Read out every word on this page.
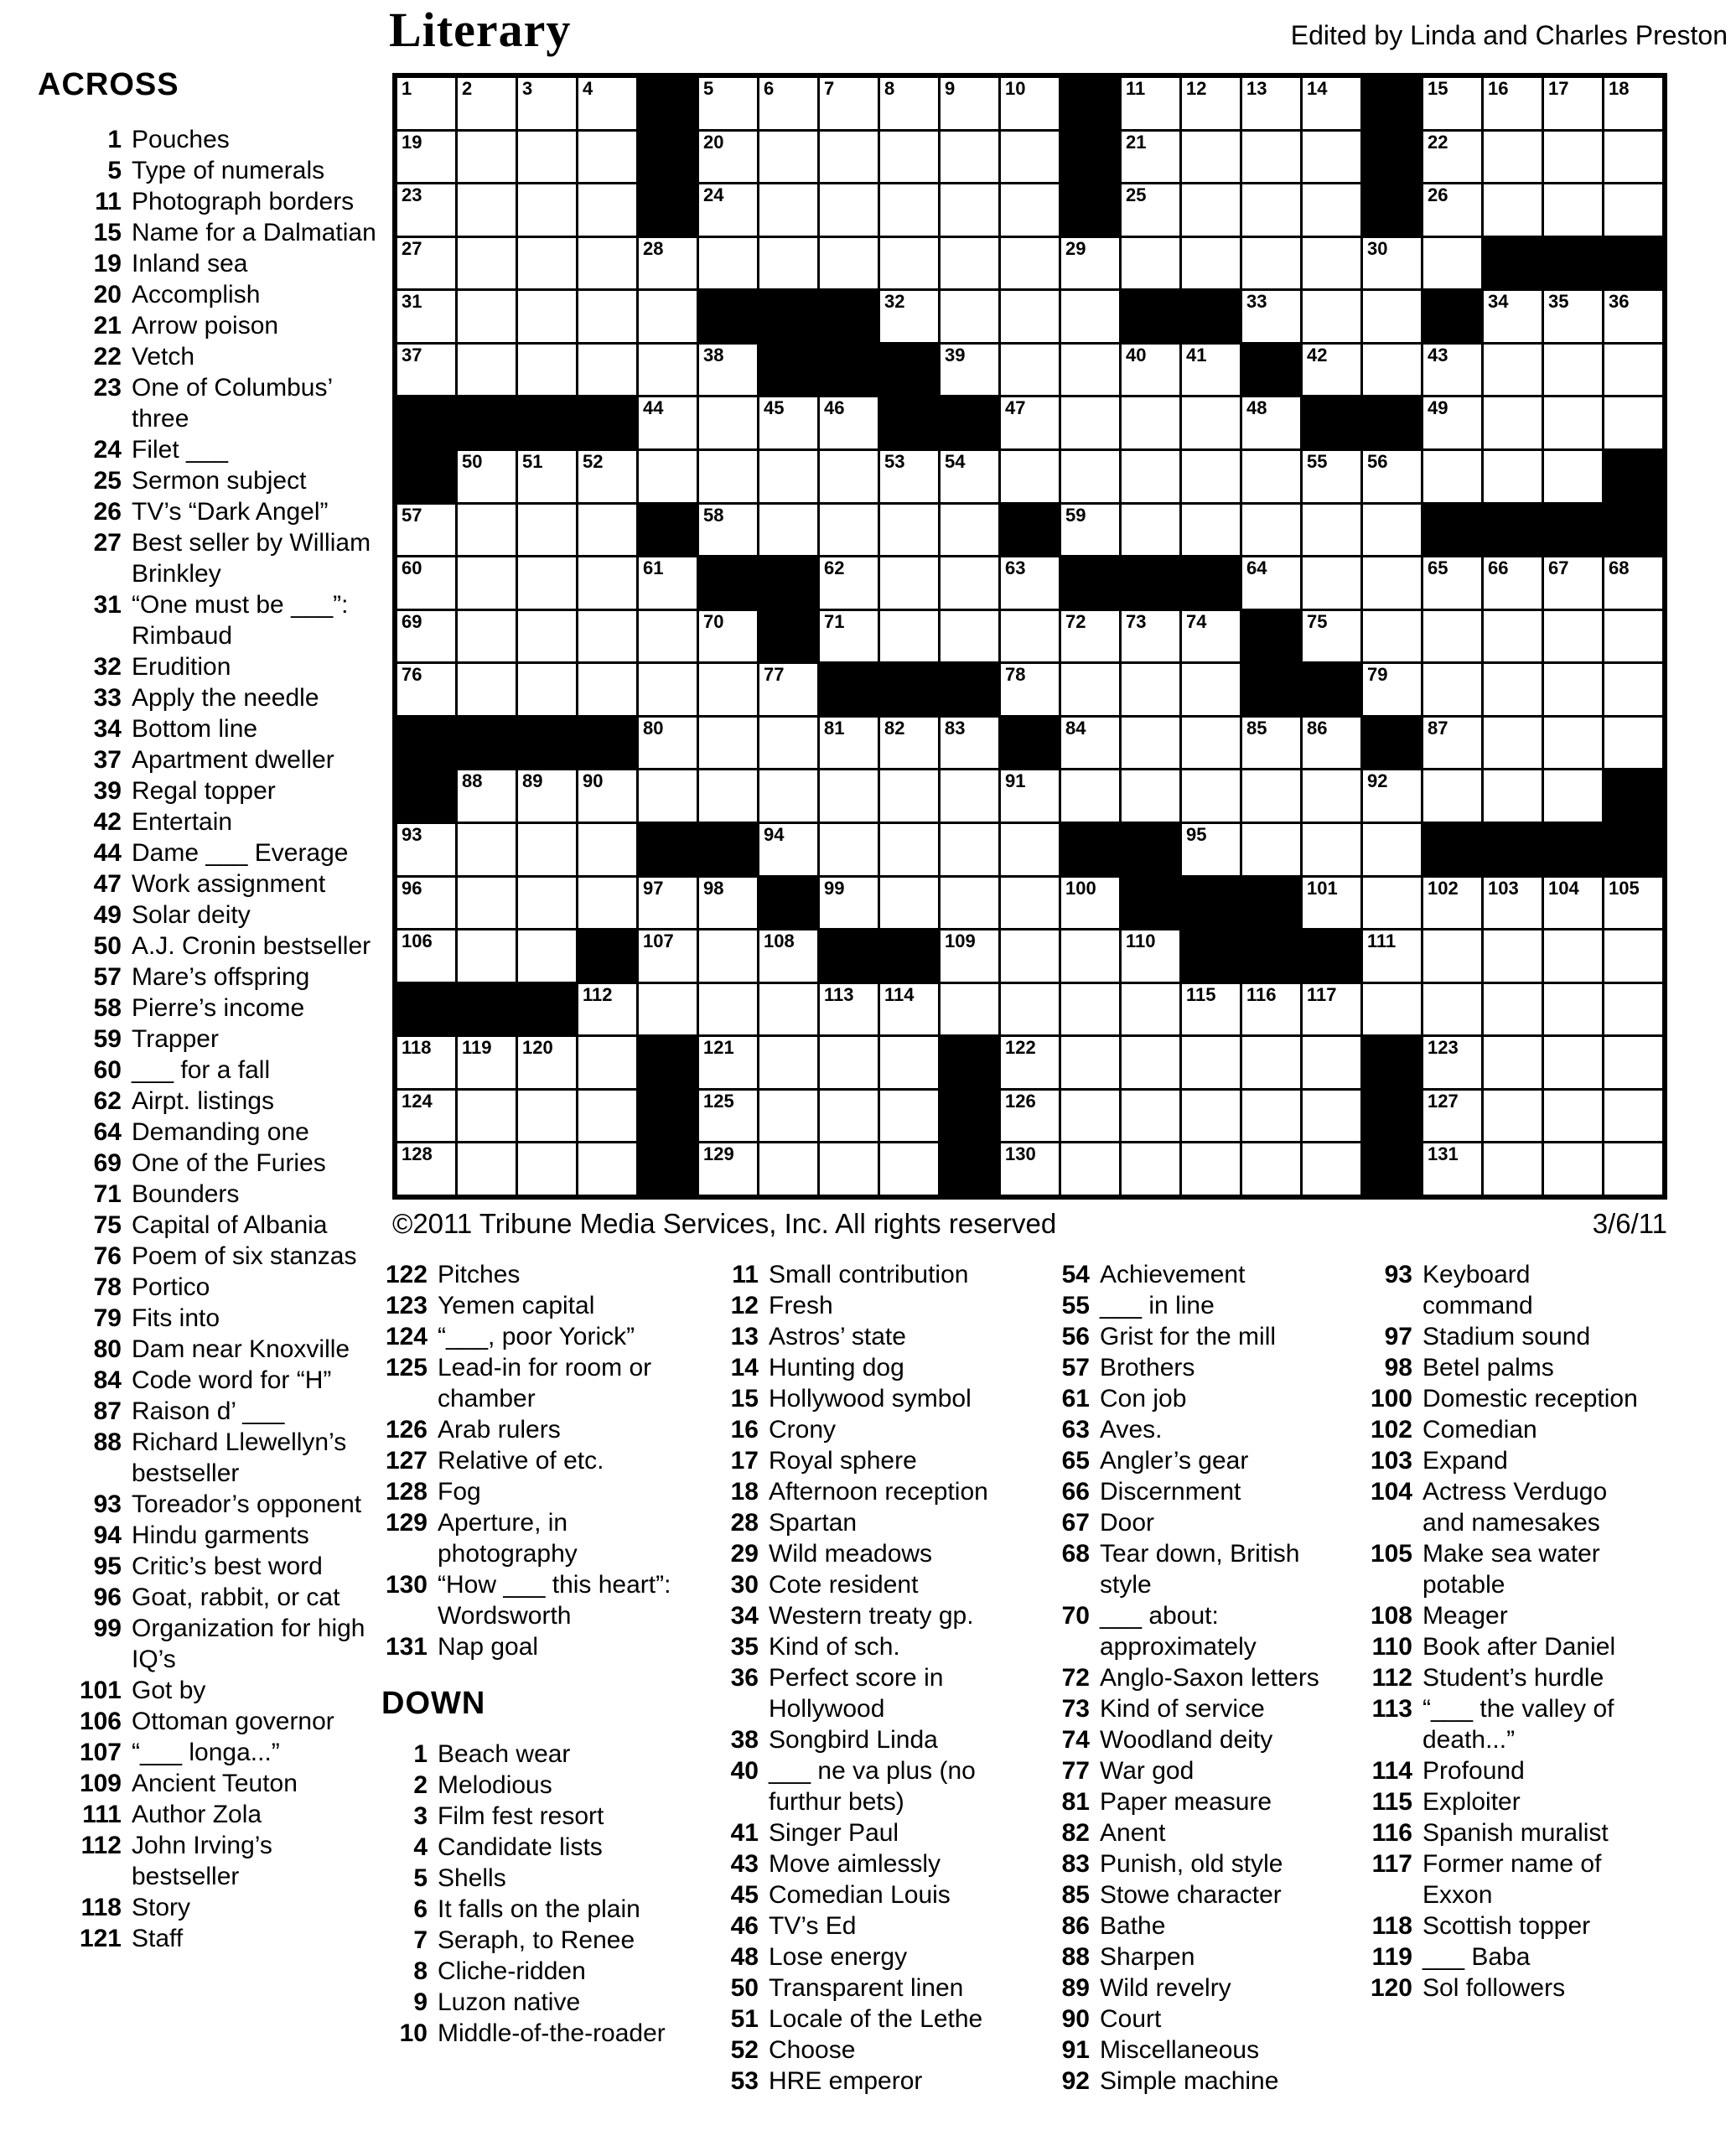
Literary	Edited by Linda and Charles Preston
ACROSS
1 Pouches
5 Type of numerals
11 Photograph borders
15 Name for a Dalmatian
19 Inland sea
20 Accomplish
21 Arrow poison
22 Vetch
23 One of Columbus’ three
24 Filet ___
25 Sermon subject
26 TV’s “Dark Angel”
27 Best seller by William Brinkley
31 “One must be ___”: Rimbaud
32 Erudition
33 Apply the needle
34 Bottom line
37 Apartment dweller
39 Regal topper
42 Entertain
44 Dame ___ Everage
47 Work assignment
49 Solar deity
50 A.J. Cronin bestseller
57 Mare’s offspring
58 Pierre’s income
59 Trapper
60 ___ for a fall
62 Airpt. listings
64 Demanding one
69 One of the Furies
71 Bounders
75 Capital of Albania
76 Poem of six stanzas
78 Portico
79 Fits into
80 Dam near Knoxville
84 Code word for “H”
87 Raison d’ ___
88 Richard Llewellyn’s bestseller
93 Toreador’s opponent
94 Hindu garments
95 Critic’s best word
96 Goat, rabbit, or cat
99 Organization for high IQ’s
101 Got by
106 Ottoman governor
107 “___ longa...”
109 Ancient Teuton
111 Author Zola
112 John Irving’s bestseller
118 Story
121 Staff
1	2	3	4	5	6	7	8	9	10	11 12 13 14	15 16 17 18
19	20	21	22
23	24	25	26
27	28	29	30
31	32	33	34 35 36
37	38	39	40 41	42	43
44	45 46	47	48	49
50 51 52	53 54	55 56
57	58	59
60	61	62	63	64	65 66 67 68
69	70	71	72 73 74	75
76	77	78	79
80	81 82 83	84	85 86	87
88 89 90	91	92
93	94	95
96	97 98	99	100	101	102 103 104 105
106	107	108	109	110	111
112	113 114	115 116 117
118 119 120	121	122	123
124	125	126	127
128	129	130	131
©2011 Tribune Media Services, Inc. All rights reserved	3/6/11
122 Pitches
123 Yemen capital
124 “___, poor Yorick”
125 Lead-in for room or chamber
126 Arab rulers
127 Relative of etc.
128 Fog
129 Aperture, in photography
130 “How ___ this heart”: Wordsworth
131 Nap goal
DOWN
1 Beach wear
2 Melodious
3 Film fest resort
4 Candidate lists
5 Shells
6 It falls on the plain
7 Seraph, to Renee
8 Cliche-ridden
9 Luzon native
10 Middle-of-the-roader
11 Small contribution
12 Fresh
13 Astros’ state
14 Hunting dog
15 Hollywood symbol
16 Crony
17 Royal sphere
18 Afternoon reception
28 Spartan
29 Wild meadows
30 Cote resident
34 Western treaty gp.
35 Kind of sch.
36 Perfect score in Hollywood
38 Songbird Linda
40 ___ ne va plus (no furthur bets)
41 Singer Paul
43 Move aimlessly
45 Comedian Louis
46 TV’s Ed
48 Lose energy
50 Transparent linen
51 Locale of the Lethe
52 Choose
53 HRE emperor
54 Achievement
55 ___ in line
56 Grist for the mill
57 Brothers
61 Con job
63 Aves.
65 Angler’s gear
66 Discernment
67 Door
68 Tear down, British style
70 ___ about: approximately
72 Anglo-Saxon letters
73 Kind of service
74 Woodland deity
77 War god
81 Paper measure
82 Anent
83 Punish, old style
85 Stowe character
86 Bathe
88 Sharpen
89 Wild revelry
90 Court
91 Miscellaneous
92 Simple machine
93 Keyboard command
97 Stadium sound
98 Betel palms
100 Domestic reception
102 Comedian
103 Expand
104 Actress Verdugo and namesakes
105 Make sea water potable
108 Meager
110 Book after Daniel
112 Student’s hurdle
113 “___ the valley of death...”
114 Profound
115 Exploiter
116 Spanish muralist
117 Former name of Exxon
118 Scottish topper
119 ___ Baba
120 Sol followers
